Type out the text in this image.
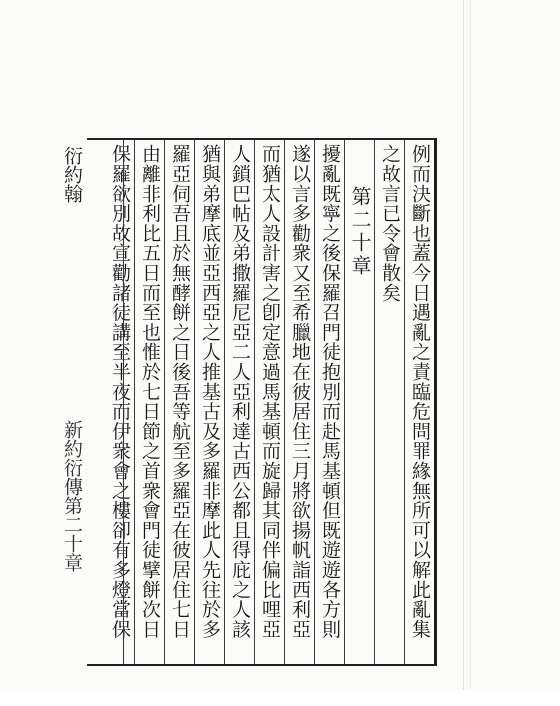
例而決斷也蓋今日遇亂之責臨危問罪緣無所可以解此亂集
之故言已令會散矣
第二十章
擾亂既寧之後保羅召門徒抱別而赴馬基頓但既遊遊各方則
遂以言多勸衆又至希臘地在彼居住三月將欲揚帆詣西利亞
而猶太人設計害之卽定意過馬基頓而旋歸其同伴偏比哩亞
人鎖巴帖及弟撒羅尼亞二人亞利達古西公都且得庇之人該
猶與弟摩底並亞西亞之人推基古及多羅非摩此人先往於多
羅亞伺吾且於無酵餅之日後吾等航至多羅亞在彼居住七日
由離非利比五日而至也惟於七日節之首衆會門徒擘餅次日
保羅欲別故宣勸諸徒講至半夜而伊衆會之樓卻有多燈當保
衍約翰
新約衍傳第二十章
